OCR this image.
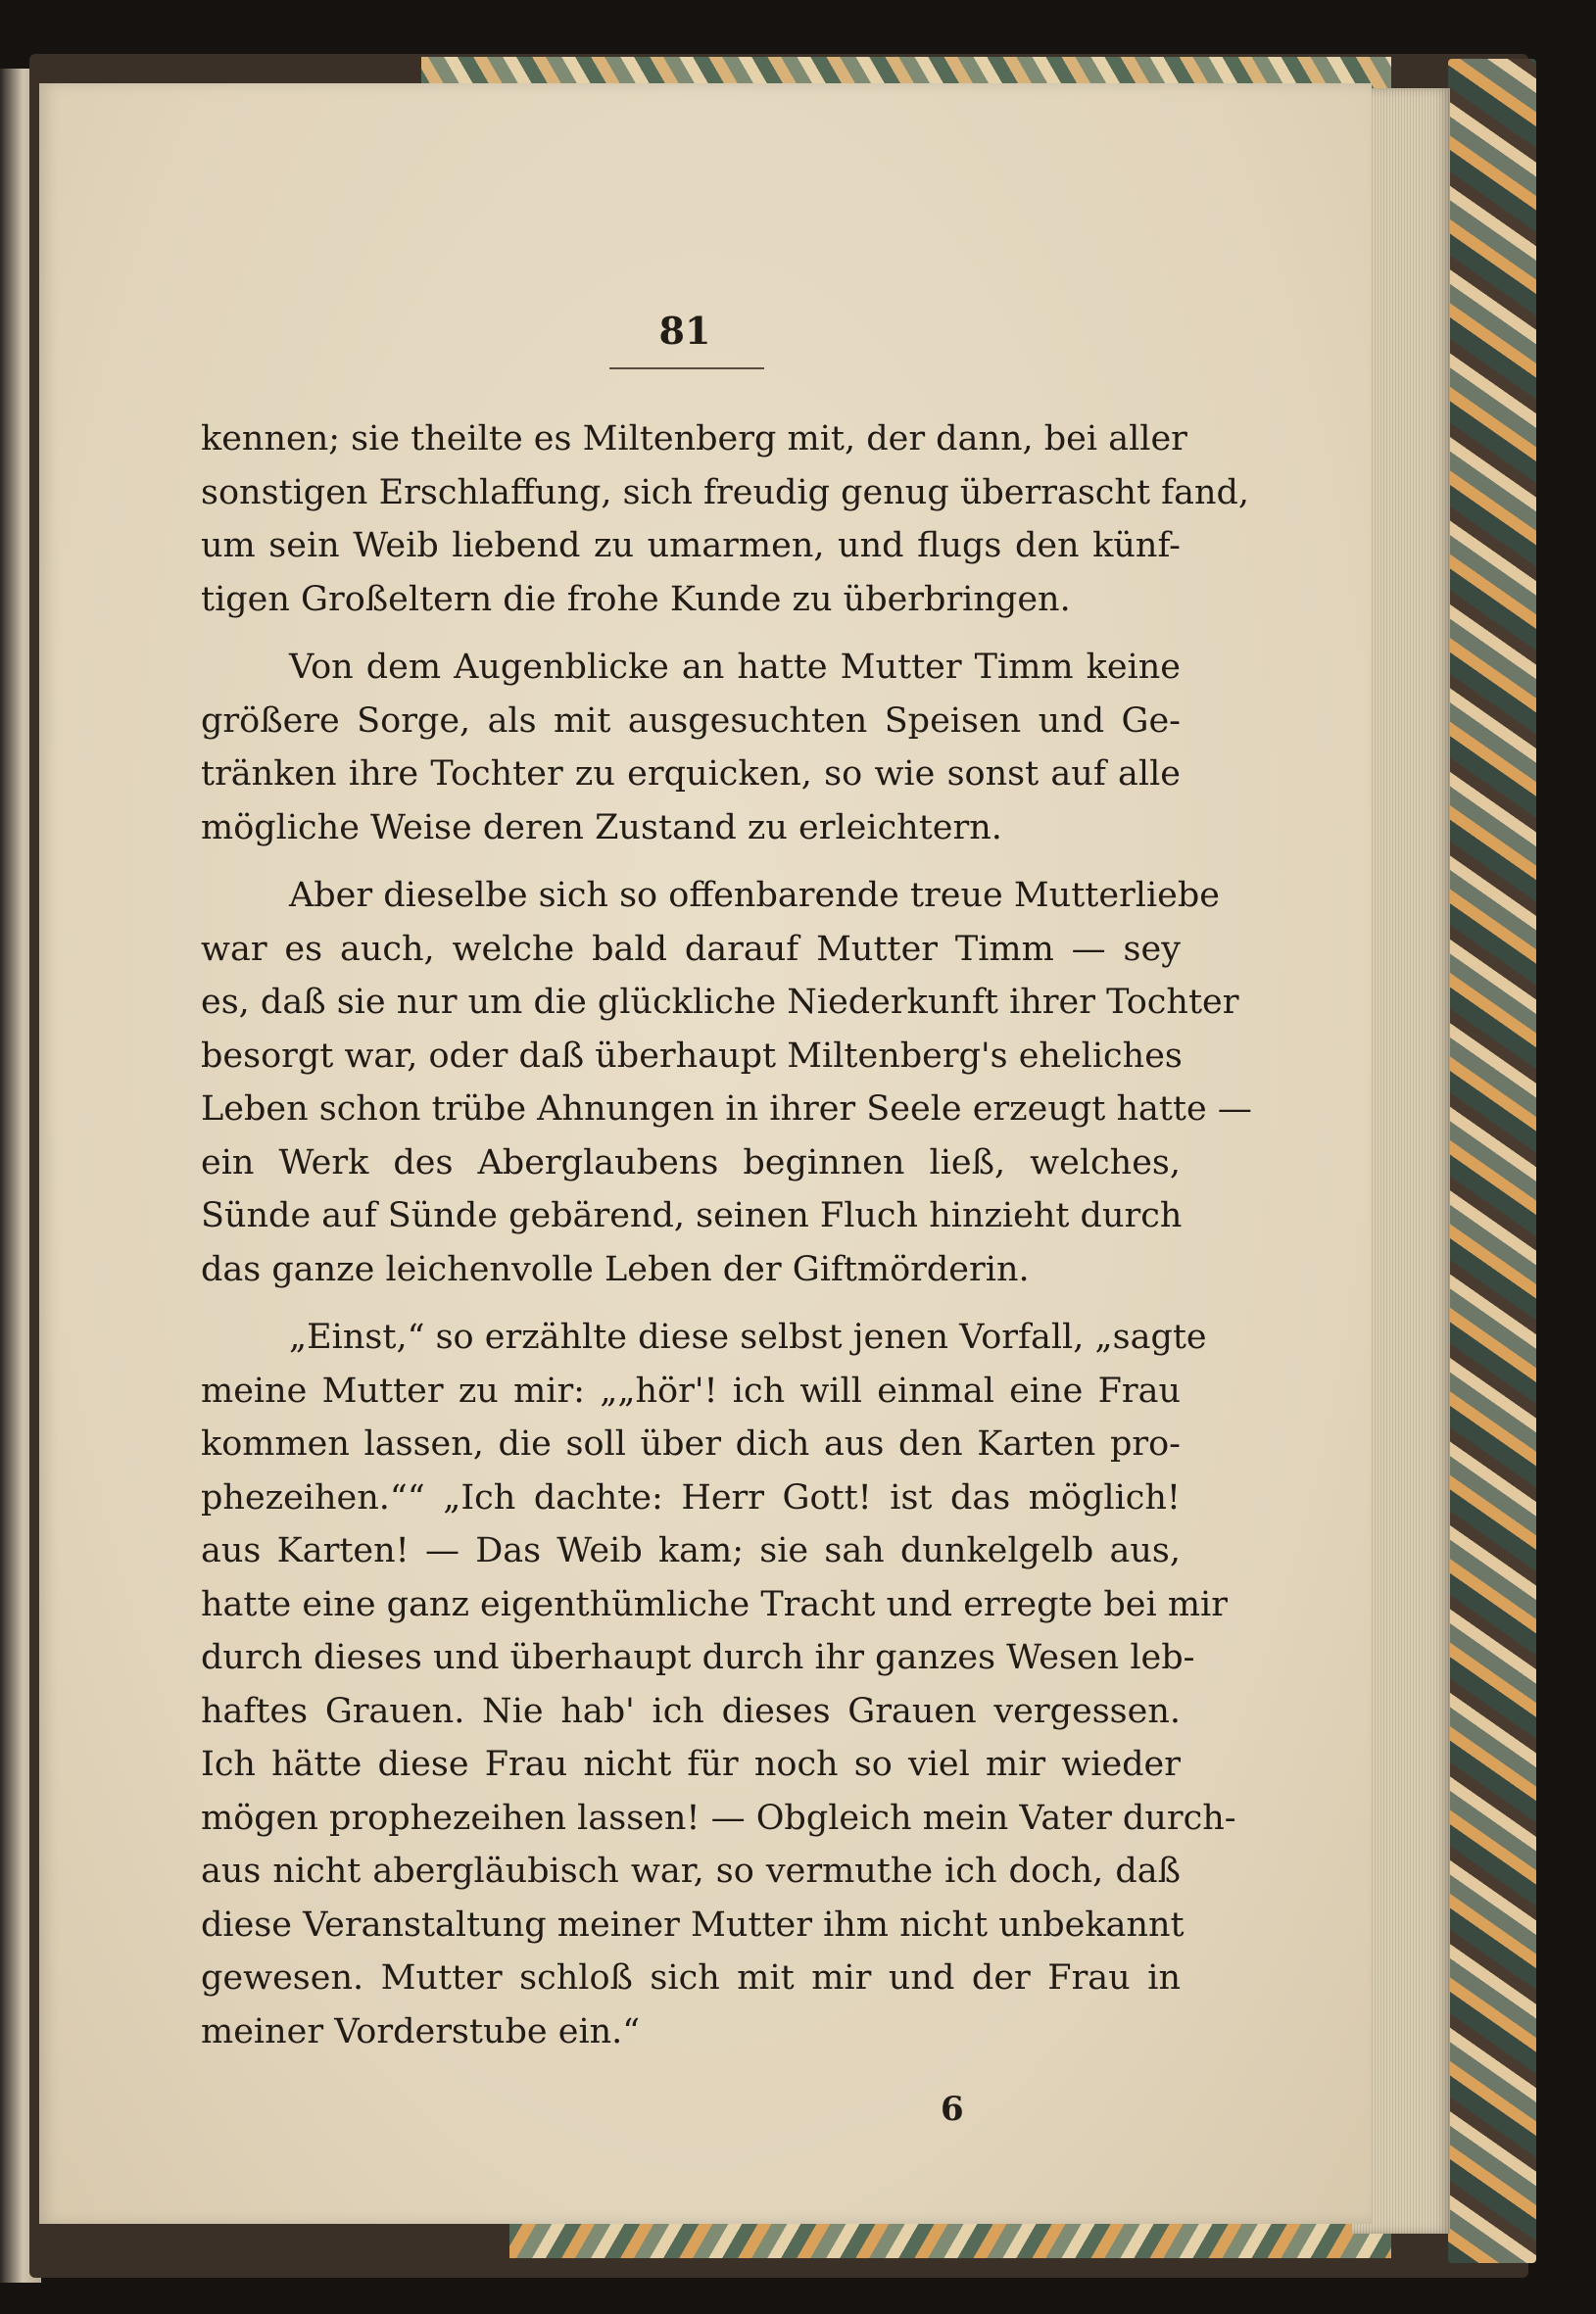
81
kennen; sie theilte es Miltenberg mit, der dann, bei aller
sonstigen Erschlaffung, sich freudig genug überrascht fand,
um sein Weib liebend zu umarmen, und flugs den künf-
tigen Großeltern die frohe Kunde zu überbringen.
Von dem Augenblicke an hatte Mutter Timm keine
größere Sorge, als mit ausgesuchten Speisen und Ge-
tränken ihre Tochter zu erquicken, so wie sonst auf alle
mögliche Weise deren Zustand zu erleichtern.
Aber dieselbe sich so offenbarende treue Mutterliebe
war es auch, welche bald darauf Mutter Timm — sey
es, daß sie nur um die glückliche Niederkunft ihrer Tochter
besorgt war, oder daß überhaupt Miltenberg's eheliches
Leben schon trübe Ahnungen in ihrer Seele erzeugt hatte —
ein Werk des Aberglaubens beginnen ließ, welches,
Sünde auf Sünde gebärend, seinen Fluch hinzieht durch
das ganze leichenvolle Leben der Giftmörderin.
„Einst,“ so erzählte diese selbst jenen Vorfall, „sagte
meine Mutter zu mir: „„hör'! ich will einmal eine Frau
kommen lassen, die soll über dich aus den Karten pro-
phezeihen.““ „Ich dachte: Herr Gott! ist das möglich!
aus Karten! — Das Weib kam; sie sah dunkelgelb aus,
hatte eine ganz eigenthümliche Tracht und erregte bei mir
durch dieses und überhaupt durch ihr ganzes Wesen leb-
haftes Grauen. Nie hab' ich dieses Grauen vergessen.
Ich hätte diese Frau nicht für noch so viel mir wieder
mögen prophezeihen lassen! — Obgleich mein Vater durch-
aus nicht abergläubisch war, so vermuthe ich doch, daß
diese Veranstaltung meiner Mutter ihm nicht unbekannt
gewesen. Mutter schloß sich mit mir und der Frau in
meiner Vorderstube ein.“
6
